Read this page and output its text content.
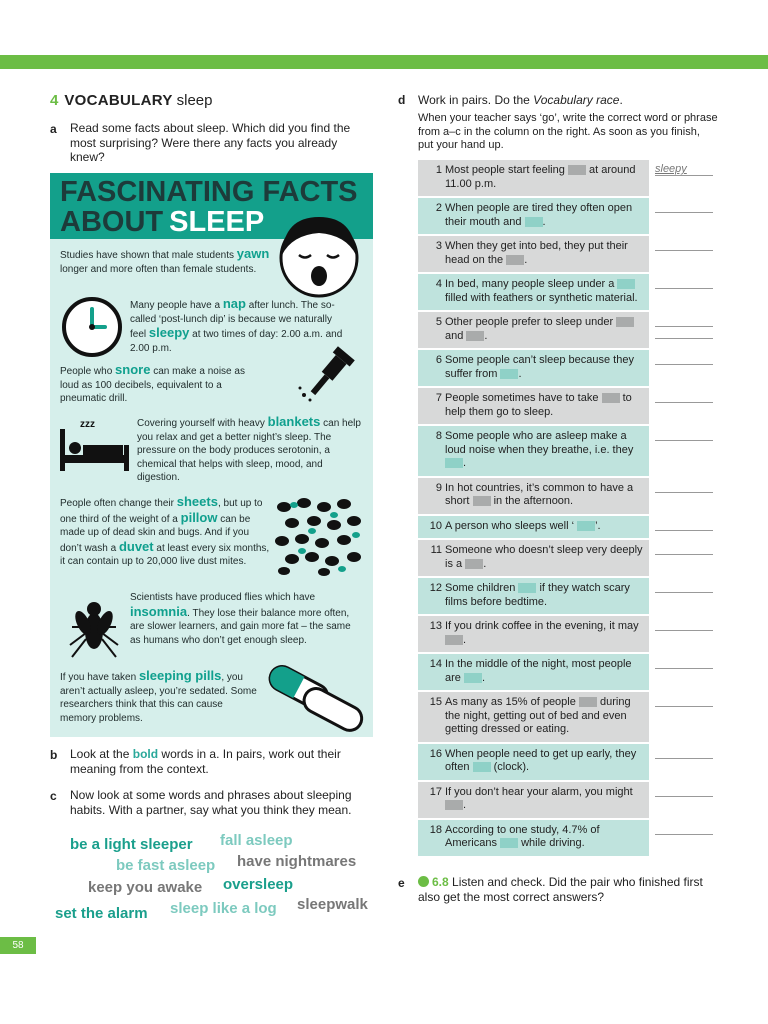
4 VOCABULARY sleep
a Read some facts about sleep. Which did you find the most surprising? Were there any facts you already knew?
FASCINATING FACTS
ABOUT SLEEP
Studies have shown that male students yawn longer and more often than female students.
Many people have a nap after lunch. The so-called ‘post-lunch dip’ is because we naturally feel sleepy at two times of day: 2.00 a.m. and 2.00 p.m.
People who snore can make a noise as loud as 100 decibels, equivalent to a pneumatic drill.
zzz	Covering yourself with heavy blankets can help you relax and get a better night’s sleep. The pressure on the body produces serotonin, a chemical that helps with sleep, mood, and digestion.
People often change their sheets, but up to one third of the weight of a pillow can be made up of dead skin and bugs. And if you don’t wash a duvet at least every six months, it can contain up to 20,000 live dust mites.
Scientists have produced flies which have insomnia. They lose their balance more often, are slower learners, and gain more fat – the same as humans who don’t get enough sleep.
If you have taken sleeping pills, you aren’t actually asleep, you’re sedated. Some researchers think that this can cause memory problems.
b Look at the bold words in a. In pairs, work out their meaning from the context.
c Now look at some words and phrases about sleeping habits. With a partner, say what you think they mean.
be a light sleeper fall asleep
be fast asleep have nightmares
keep you awake oversleep
set the alarm sleep like a log sleepwalk
d Work in pairs. Do the Vocabulary race.
When your teacher says ‘go’, write the correct word or phrase from a–c in the column on the right. As soon as you finish, put your hand up.
1 Most people start feeling at around 11.00 p.m.
2 When people are tired they often open their mouth and .
3 When they get into bed, they put their head on the .
4 In bed, many people sleep under a  filled with feathers or synthetic material.
5 Other people prefer to sleep under  and .
6 Some people can’t sleep because they suffer from .
7 People sometimes have to take to help them go to sleep.
8 Some people who are asleep make a loud noise when they breathe, i.e. they .
9 In hot countries, it’s common to have a short in the afternoon.
10 A person who sleeps well ‘ ’.
11 Someone who doesn’t sleep very deeply is a .
12 Some children if they watch scary films before bedtime.
13 If you drink coffee in the evening, it may .
14 In the middle of the night, most people are .
15 As many as 15% of people during the night, getting out of bed and even getting dressed or eating.
16 When people need to get up early, they often (clock).
17 If you don’t hear your alarm, you might .
18 According to one study, 4.7% of Americans while driving.
sleepy
e	6.8 Listen and check. Did the pair who finished first also get the most correct answers?
58
